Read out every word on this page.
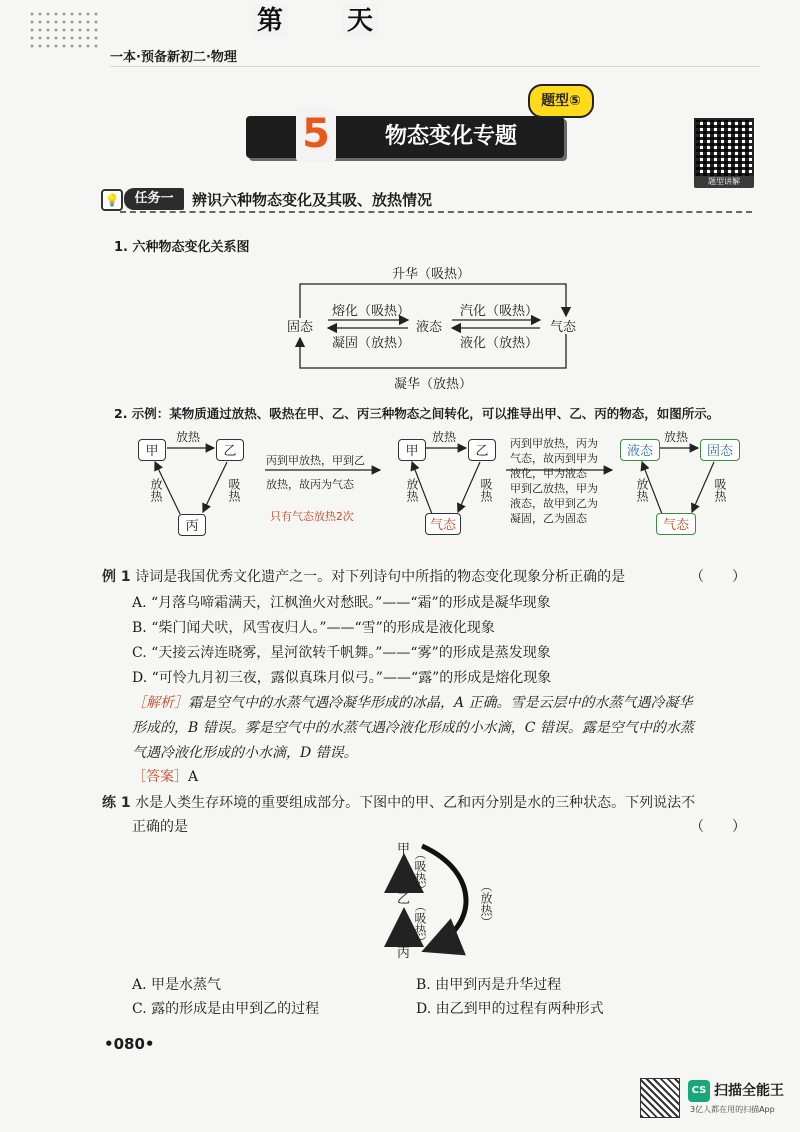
一本·预备新初二·物理
第
5
天
物态变化专题
题型⑤
题型讲解
💡	任务一	辨识六种物态变化及其吸、放热情况
1. 六种物态变化关系图
升华（吸热）
凝华（放热）
固态	液态	气态
熔化（吸热）
凝固（放热）
汽化（吸热）
液化（放热）
2. 示例：某物质通过放热、吸热在甲、乙、丙三种物态之间转化，可以推导出甲、乙、丙的物态，如图所示。
甲	乙
丙
放热
放热	吸热
丙到甲放热，甲到乙
放热，故丙为气态
只有气态放热2次
甲	乙
气态
放热
放热	吸热
丙到甲放热，丙为
气态，故丙到甲为
液化，甲为液态
甲到乙放热，甲为
液态，故甲到乙为
凝固，乙为固态
液态	固态
气态
放热
放热	吸热
例 1 诗词是我国优秀文化遗产之一。对下列诗句中所指的物态变化现象分析正确的是	（　　）
A. “月落乌啼霜满天，江枫渔火对愁眠。”——“霜”的形成是凝华现象
B. “柴门闻犬吠，风雪夜归人。”——“雪”的形成是液化现象
C. “天接云涛连晓雾，星河欲转千帆舞。”——“雾”的形成是蒸发现象
D. “可怜九月初三夜，露似真珠月似弓。”——“露”的形成是熔化现象
［解析］霜是空气中的水蒸气遇冷凝华形成的冰晶，A 正确。雪是云层中的水蒸气遇冷凝华
形成的，B 错误。雾是空气中的水蒸气遇冷液化形成的小水滴，C 错误。露是空气中的水蒸
气遇冷液化形成的小水滴，D 错误。
［答案］A
练 1 水是人类生存环境的重要组成部分。下图中的甲、乙和丙分别是水的三种状态。下列说法不
正确的是	（　　）
甲
乙
丙
（吸热）
（吸热）	（放热）
A. 甲是水蒸气	B. 由甲到丙是升华过程
C. 露的形成是由甲到乙的过程	D. 由乙到甲的过程有两种形式
•080•
CS 扫描全能王
3亿人都在用的扫描App
